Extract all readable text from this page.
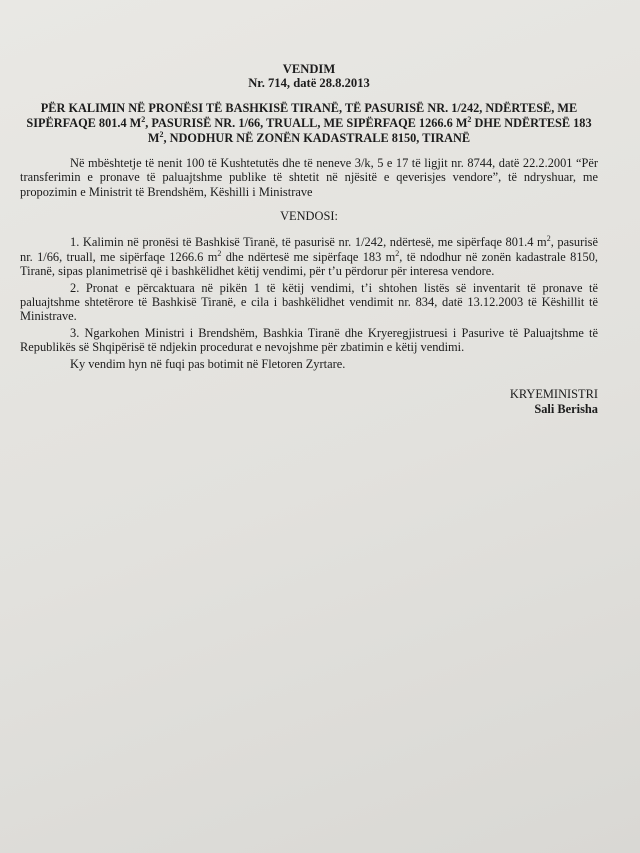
VENDIM
Nr. 714, datë 28.8.2013
PËR KALIMIN NË PRONËSI TË BASHKISË TIRANË, TË PASURISË NR. 1/242, NDËRTESË, ME SIPËRFAQE 801.4 $M^2$, PASURISË NR. 1/66, TRUALL, ME SIPËRFAQE 1266.6 $M^2$ DHE NDËRTESË 183 $M^2$, NDODHUR NË ZONËN KADASTRALE 8150, TIRANË

Në mbështetje të nenit 100 të Kushtetutës dhe të neneve 3/k, 5 e 17 të ligjit nr. 8744, datë 22.2.2001 “Për transferimin e pronave të paluajtshme publike të shtetit në njësitë e qeverisjes vendore”, të ndryshuar, me propozimin e Ministrit të Brendshëm, Këshilli i Ministrave

VENDOSI:

1. Kalimin në pronësi të Bashkisë Tiranë, të pasurisë nr. 1/242, ndërtesë, me sipërfaqe 801.4 $m^2$, pasurisë nr. 1/66, truall, me sipërfaqe 1266.6 $m^2$ dhe ndërtesë me sipërfaqe 183 $m^2$, të ndodhur në zonën kadastrale 8150, Tiranë, sipas planimetrisë që i bashkëlidhet këtij vendimi, për t’u përdorur për interesa vendore.

2. Pronat e përcaktuara në pikën 1 të këtij vendimi, t’i shtohen listës së inventarit të pronave të paluajtshme shtetërore të Bashkisë Tiranë, e cila i bashkëlidhet vendimit nr. 834, datë 13.12.2003 të Këshillit të Ministrave.

3. Ngarkohen Ministri i Brendshëm, Bashkia Tiranë dhe Kryeregjistruesi i Pasurive të Paluajtshme të Republikës së Shqipërisë të ndjekin procedurat e nevojshme për zbatimin e këtij vendimi.

Ky vendim hyn në fuqi pas botimit në Fletoren Zyrtare.

KRYEMINISTRI
Sali Berisha
